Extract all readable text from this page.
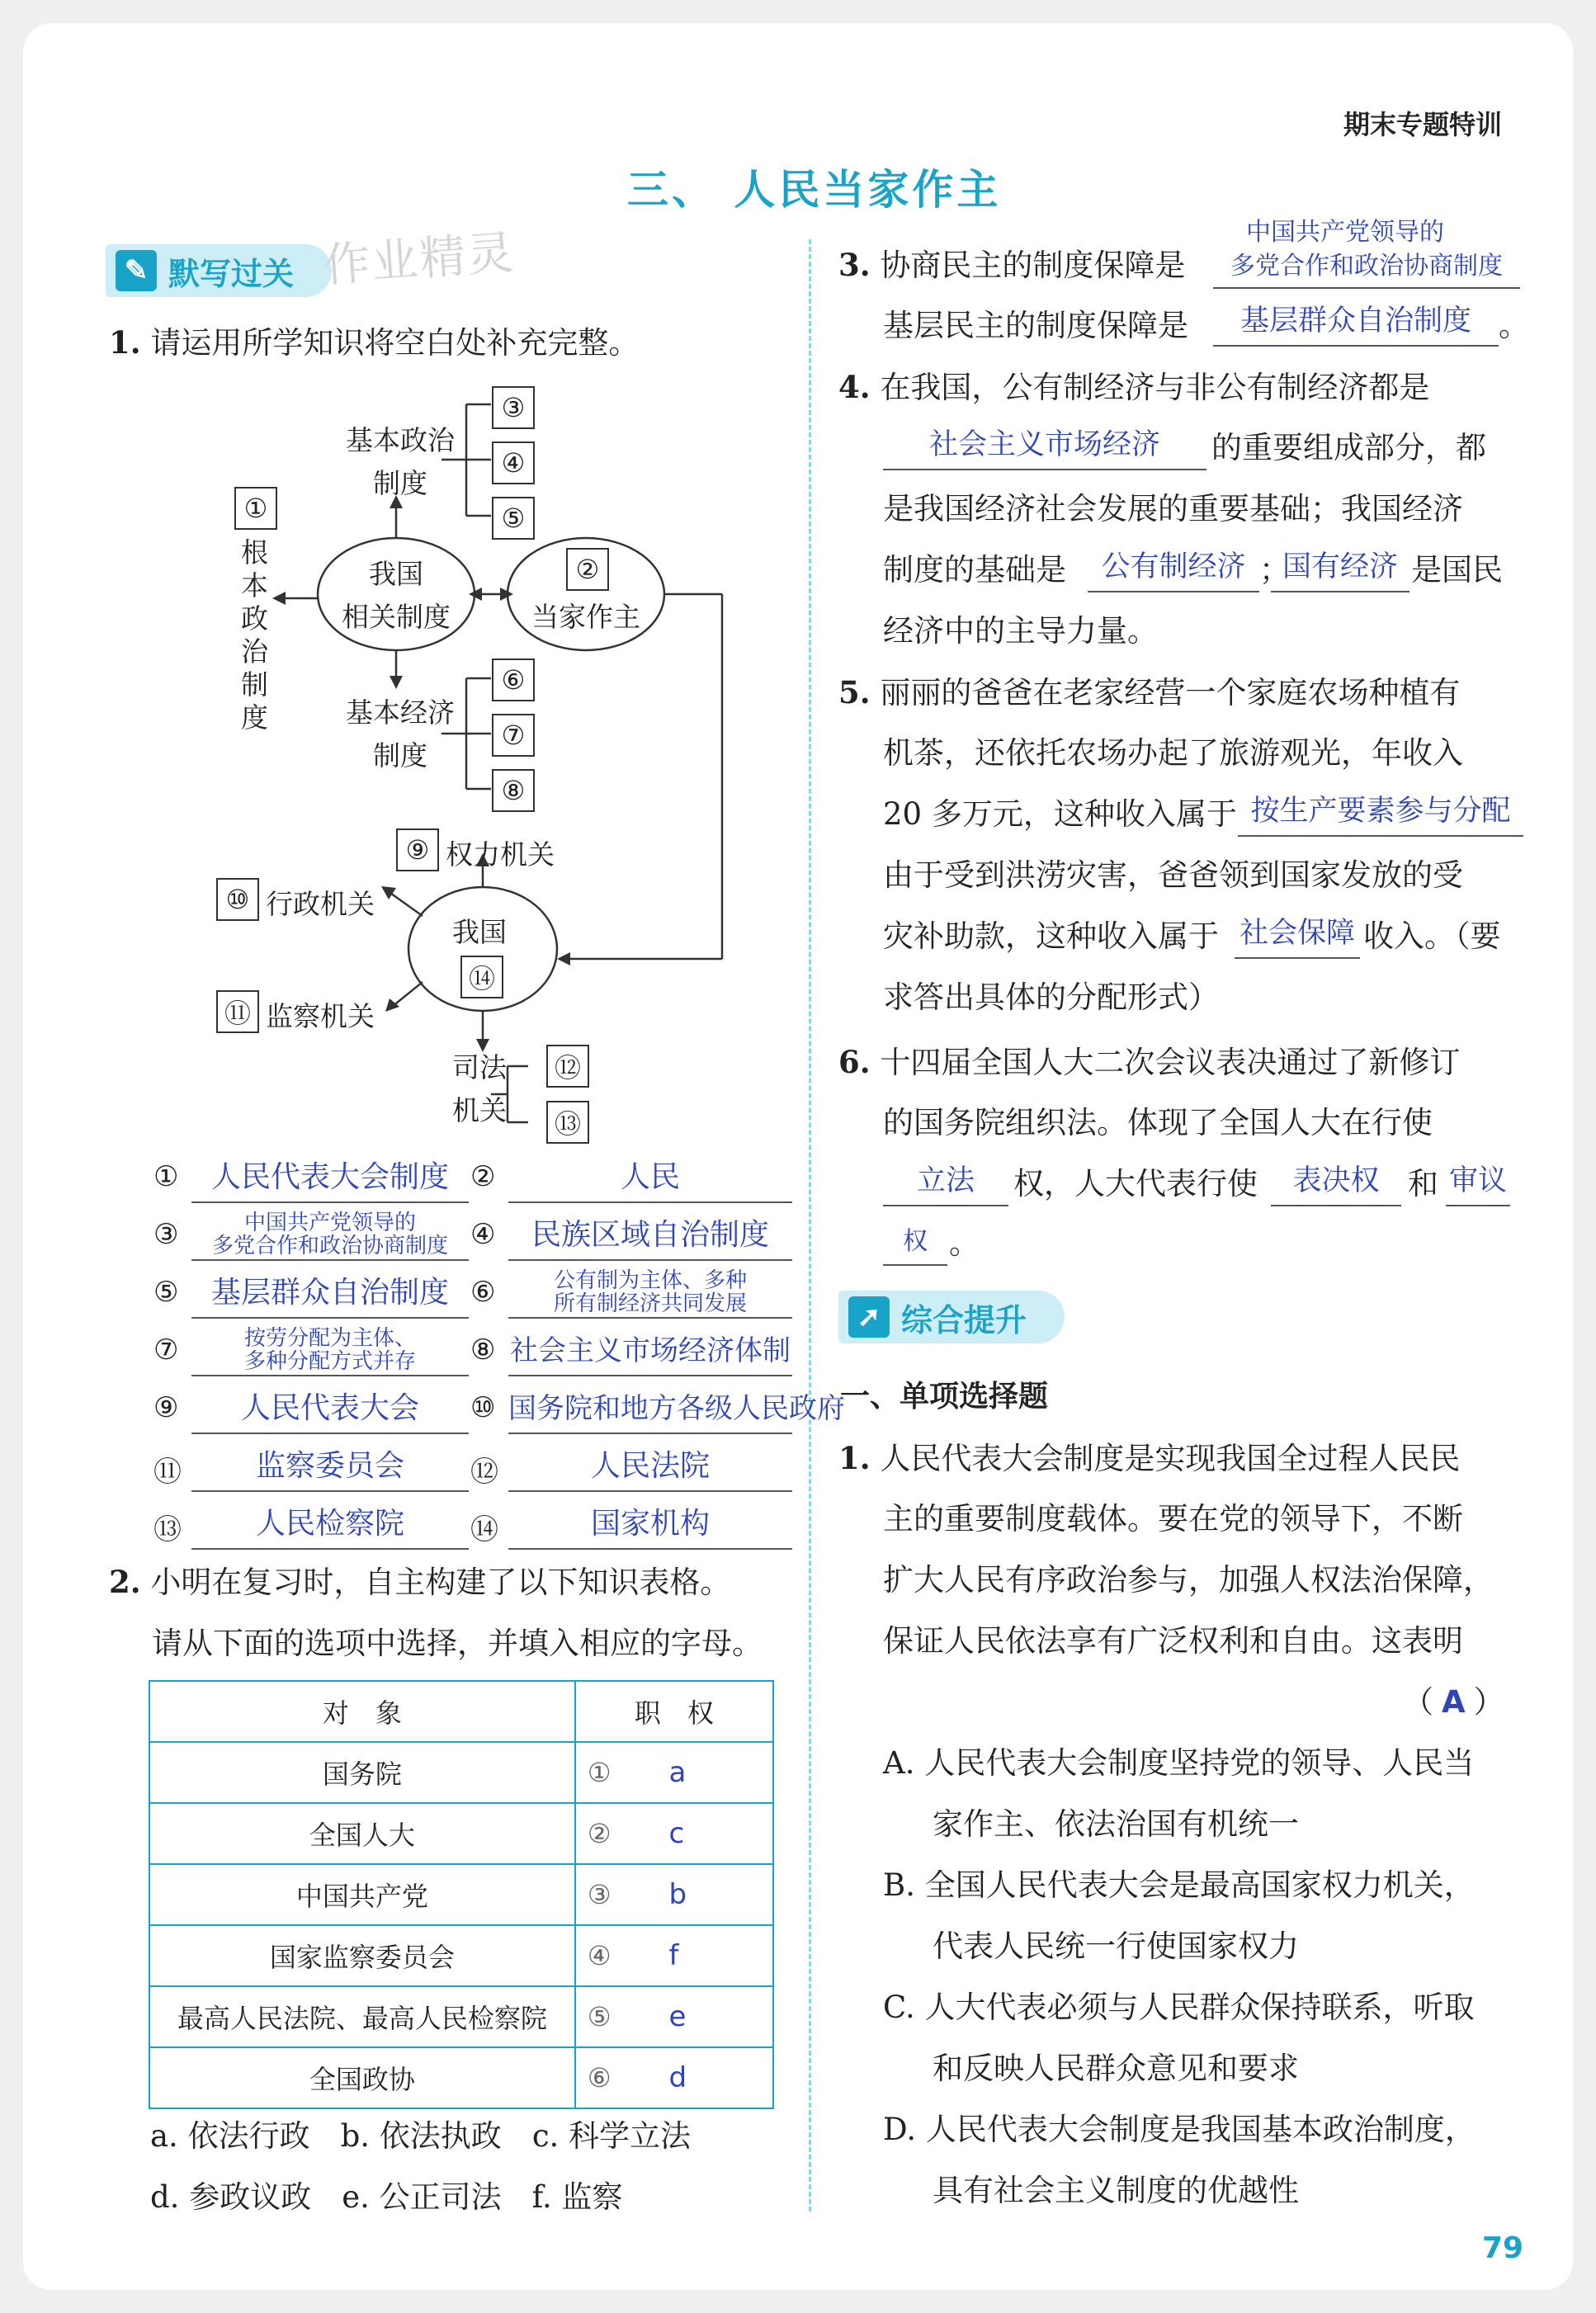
期末专题特训
三、 人民当家作主
✎ 默写过关 作业精灵
1. 请运用所学知识将空白处补充完整。
③
④
⑤
基本政治制度
①
根本政治制度
我国
相关制度
②
当家作主
⑥
⑦
⑧
基本经济制度
⑨ 权力机关
⑩ 行政机关
我国
⑭
⑪ 监察机关
司法
机关
⑫
⑬
①	人民代表大会制度 ②	人民
③	中国共产党领导的
多党合作和政治协商制度 ④	民族区域自治制度
⑤	基层群众自治制度 ⑥	公有制为主体、多种
所有制经济共同发展
⑦	按劳分配为主体、
多种分配方式并存	⑧ 社会主义市场经济体制
⑨	人民代表大会	⑩ 国务院和地方各级人民政府
⑪	监察委员会	⑫	人民法院
⑬	人民检察院	⑭	国家机构
2. 小明在复习时，自主构建了以下知识表格。
请从下面的选项中选择，并填入相应的字母。
对　象	职　权
国务院	① a
全国人大	② c
中国共产党	③ b
国家监察委员会	④ f
最高人民法院、最高人民检察院	⑤ e
全国政协	⑥ d
a. 依法行政　 b. 依法执政　 c. 科学立法
d. 参政议政　 e. 公正司法　 f. 监察
3. 协商民主的制度保障是
中国共产党领导的
多党合作和政治协商制度
基层民主的制度保障是	基层群众自治制度 。
4. 在我国，公有制经济与非公有制经济都是
社会主义市场经济	的重要组成部分，都
是我国经济社会发展的重要基础；我国经济
制度的基础是	公有制经济 ；
国有经济 是国民
经济中的主导力量。
5. 丽丽的爸爸在老家经营一个家庭农场种植有
机茶，还依托农场办起了旅游观光，年收入
20 多万元，这种收入属于 按生产要素参与分配
由于受到洪涝灾害，爸爸领到国家发放的受
灾补助款，这种收入属于 社会保障 收入。（要
求答出具体的分配形式）
6. 十四届全国人大二次会议表决通过了新修订
的国务院组织法。体现了全国人大在行使
立法	权，人大代表行使	表决权 和 审议
权 。
➚ 综合提升
一、单项选择题
1. 人民代表大会制度是实现我国全过程人民民
主的重要制度载体。要在党的领导下，不断
扩大人民有序政治参与，加强人权法治保障，
保证人民依法享有广泛权利和自由。这表明
（ A ）
A. 人民代表大会制度坚持党的领导、人民当
家作主、依法治国有机统一
B. 全国人民代表大会是最高国家权力机关，
代表人民统一行使国家权力
C. 人大代表必须与人民群众保持联系，听取
和反映人民群众意见和要求
D. 人民代表大会制度是我国基本政治制度，
具有社会主义制度的优越性
79
